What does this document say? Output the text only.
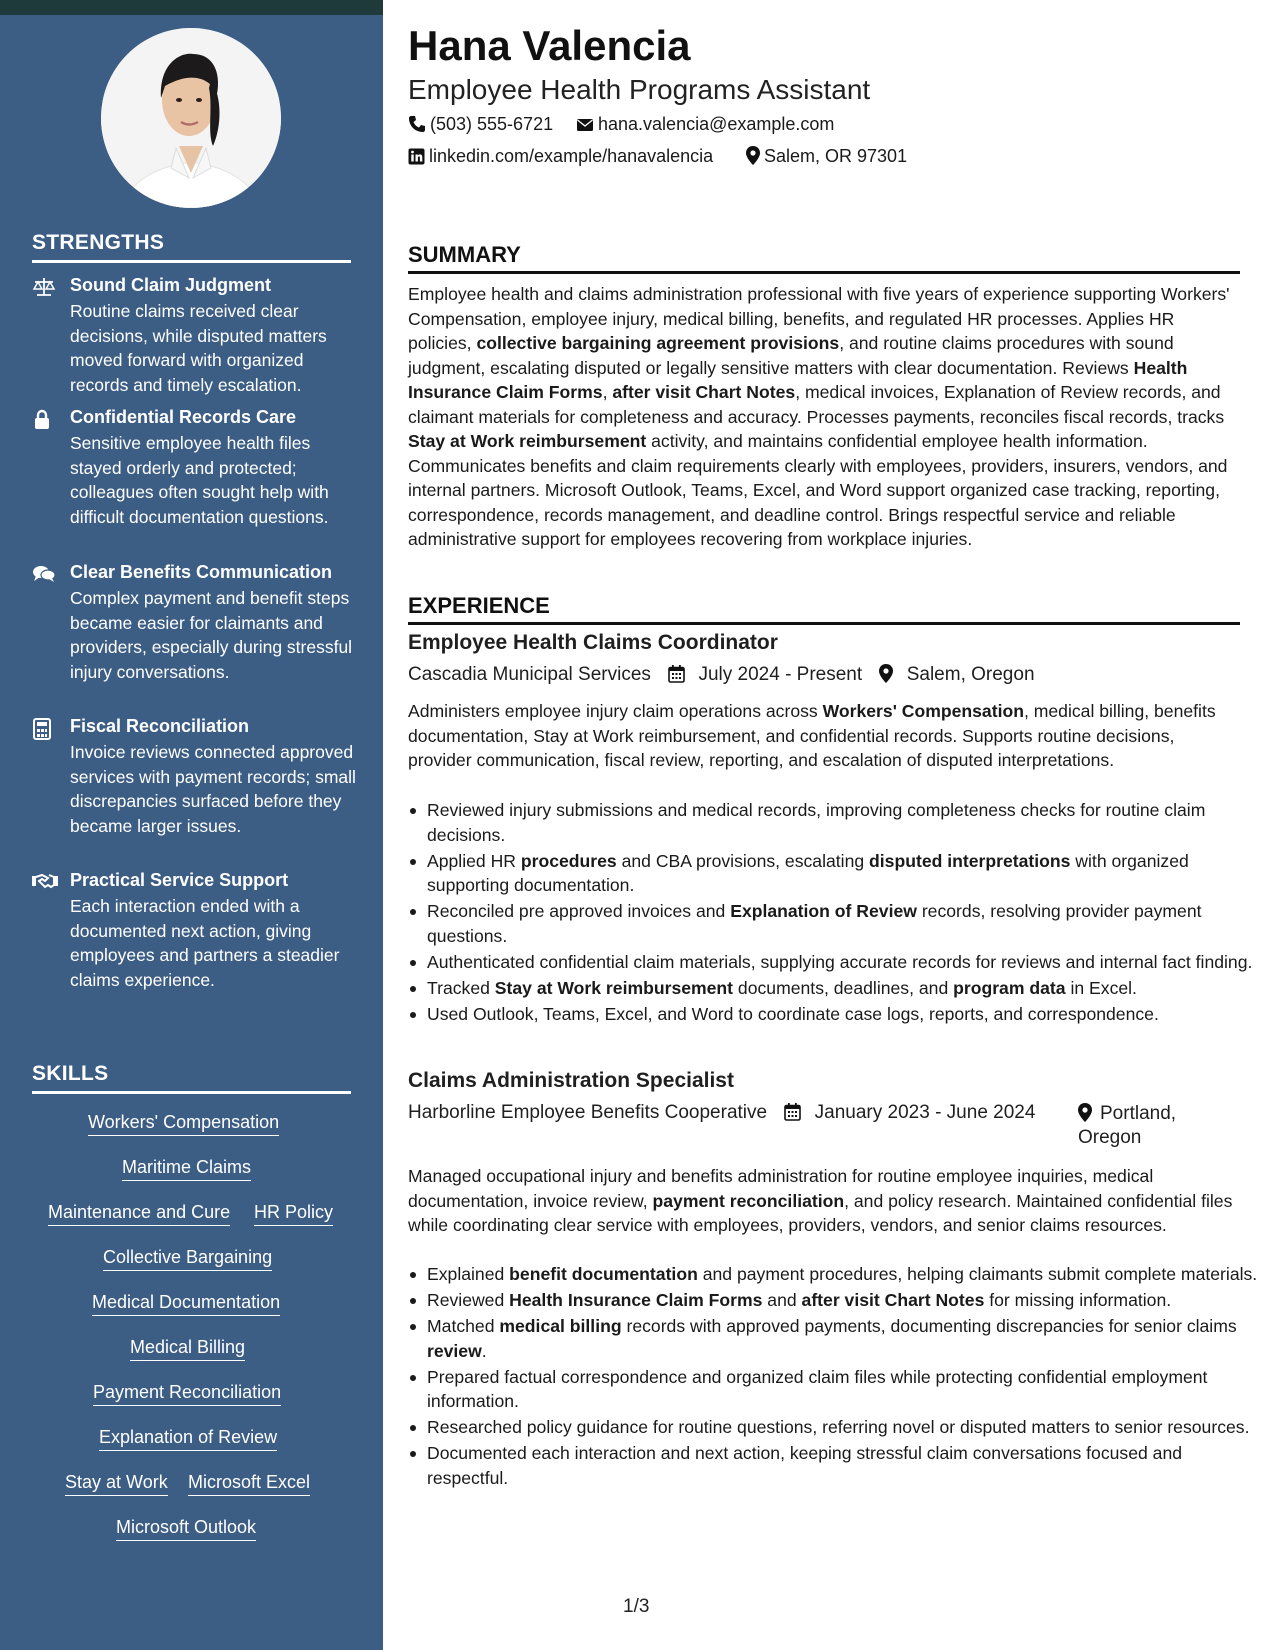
STRENGTHS
Sound Claim Judgment
Routine claims received clear decisions, while disputed matters moved forward with organized records and timely escalation.
Confidential Records Care
Sensitive employee health files stayed orderly and protected; colleagues often sought help with difficult documentation questions.
Clear Benefits Communication
Complex payment and benefit steps became easier for claimants and providers, especially during stressful injury conversations.
Fiscal Reconciliation
Invoice reviews connected approved services with payment records; small discrepancies surfaced before they became larger issues.
Practical Service Support
Each interaction ended with a documented next action, giving employees and partners a steadier claims experience.
SKILLS
Workers' Compensation
Maritime Claims
Maintenance and Cure HR Policy
Collective Bargaining
Medical Documentation
Medical Billing
Payment Reconciliation
Explanation of Review
Stay at Work Microsoft Excel
Microsoft Outlook
Hana Valencia
Employee Health Programs Assistant
(503) 555-6721	hana.valencia@example.com
linkedin.com/example/hanavalencia	Salem, OR 97301
SUMMARY
Employee health and claims administration professional with five years of experience supporting Workers' Compensation, employee injury, medical billing, benefits, and regulated HR processes. Applies HR policies, collective bargaining agreement provisions, and routine claims procedures with sound judgment, escalating disputed or legally sensitive matters with clear documentation. Reviews Health Insurance Claim Forms, after visit Chart Notes, medical invoices, Explanation of Review records, and claimant materials for completeness and accuracy. Processes payments, reconciles fiscal records, tracks Stay at Work reimbursement activity, and maintains confidential employee health information. Communicates benefits and claim requirements clearly with employees, providers, insurers, vendors, and internal partners. Microsoft Outlook, Teams, Excel, and Word support organized case tracking, reporting, correspondence, records management, and deadline control. Brings respectful service and reliable administrative support for employees recovering from workplace injuries.
EXPERIENCE
Employee Health Claims Coordinator
Cascadia Municipal Services	July 2024 - Present Salem, Oregon
Administers employee injury claim operations across Workers' Compensation, medical billing, benefits documentation, Stay at Work reimbursement, and confidential records. Supports routine decisions, provider communication, fiscal review, reporting, and escalation of disputed interpretations.
Reviewed injury submissions and medical records, improving completeness checks for routine claim decisions.
Applied HR procedures and CBA provisions, escalating disputed interpretations with organized supporting documentation.
Reconciled pre approved invoices and Explanation of Review records, resolving provider payment questions.
Authenticated confidential claim materials, supplying accurate records for reviews and internal fact finding.
Tracked Stay at Work reimbursement documents, deadlines, and program data in Excel.
Used Outlook, Teams, Excel, and Word to coordinate case logs, reports, and correspondence.
Claims Administration Specialist
Harborline Employee Benefits Cooperative	January 2023 - June 2024	Portland,
Oregon
Managed occupational injury and benefits administration for routine employee inquiries, medical documentation, invoice review, payment reconciliation, and policy research. Maintained confidential files while coordinating clear service with employees, providers, vendors, and senior claims resources.
Explained benefit documentation and payment procedures, helping claimants submit complete materials.
Reviewed Health Insurance Claim Forms and after visit Chart Notes for missing information.
Matched medical billing records with approved payments, documenting discrepancies for senior claims review.
Prepared factual correspondence and organized claim files while protecting confidential employment information.
Researched policy guidance for routine questions, referring novel or disputed matters to senior resources.
Documented each interaction and next action, keeping stressful claim conversations focused and respectful.
1/3
